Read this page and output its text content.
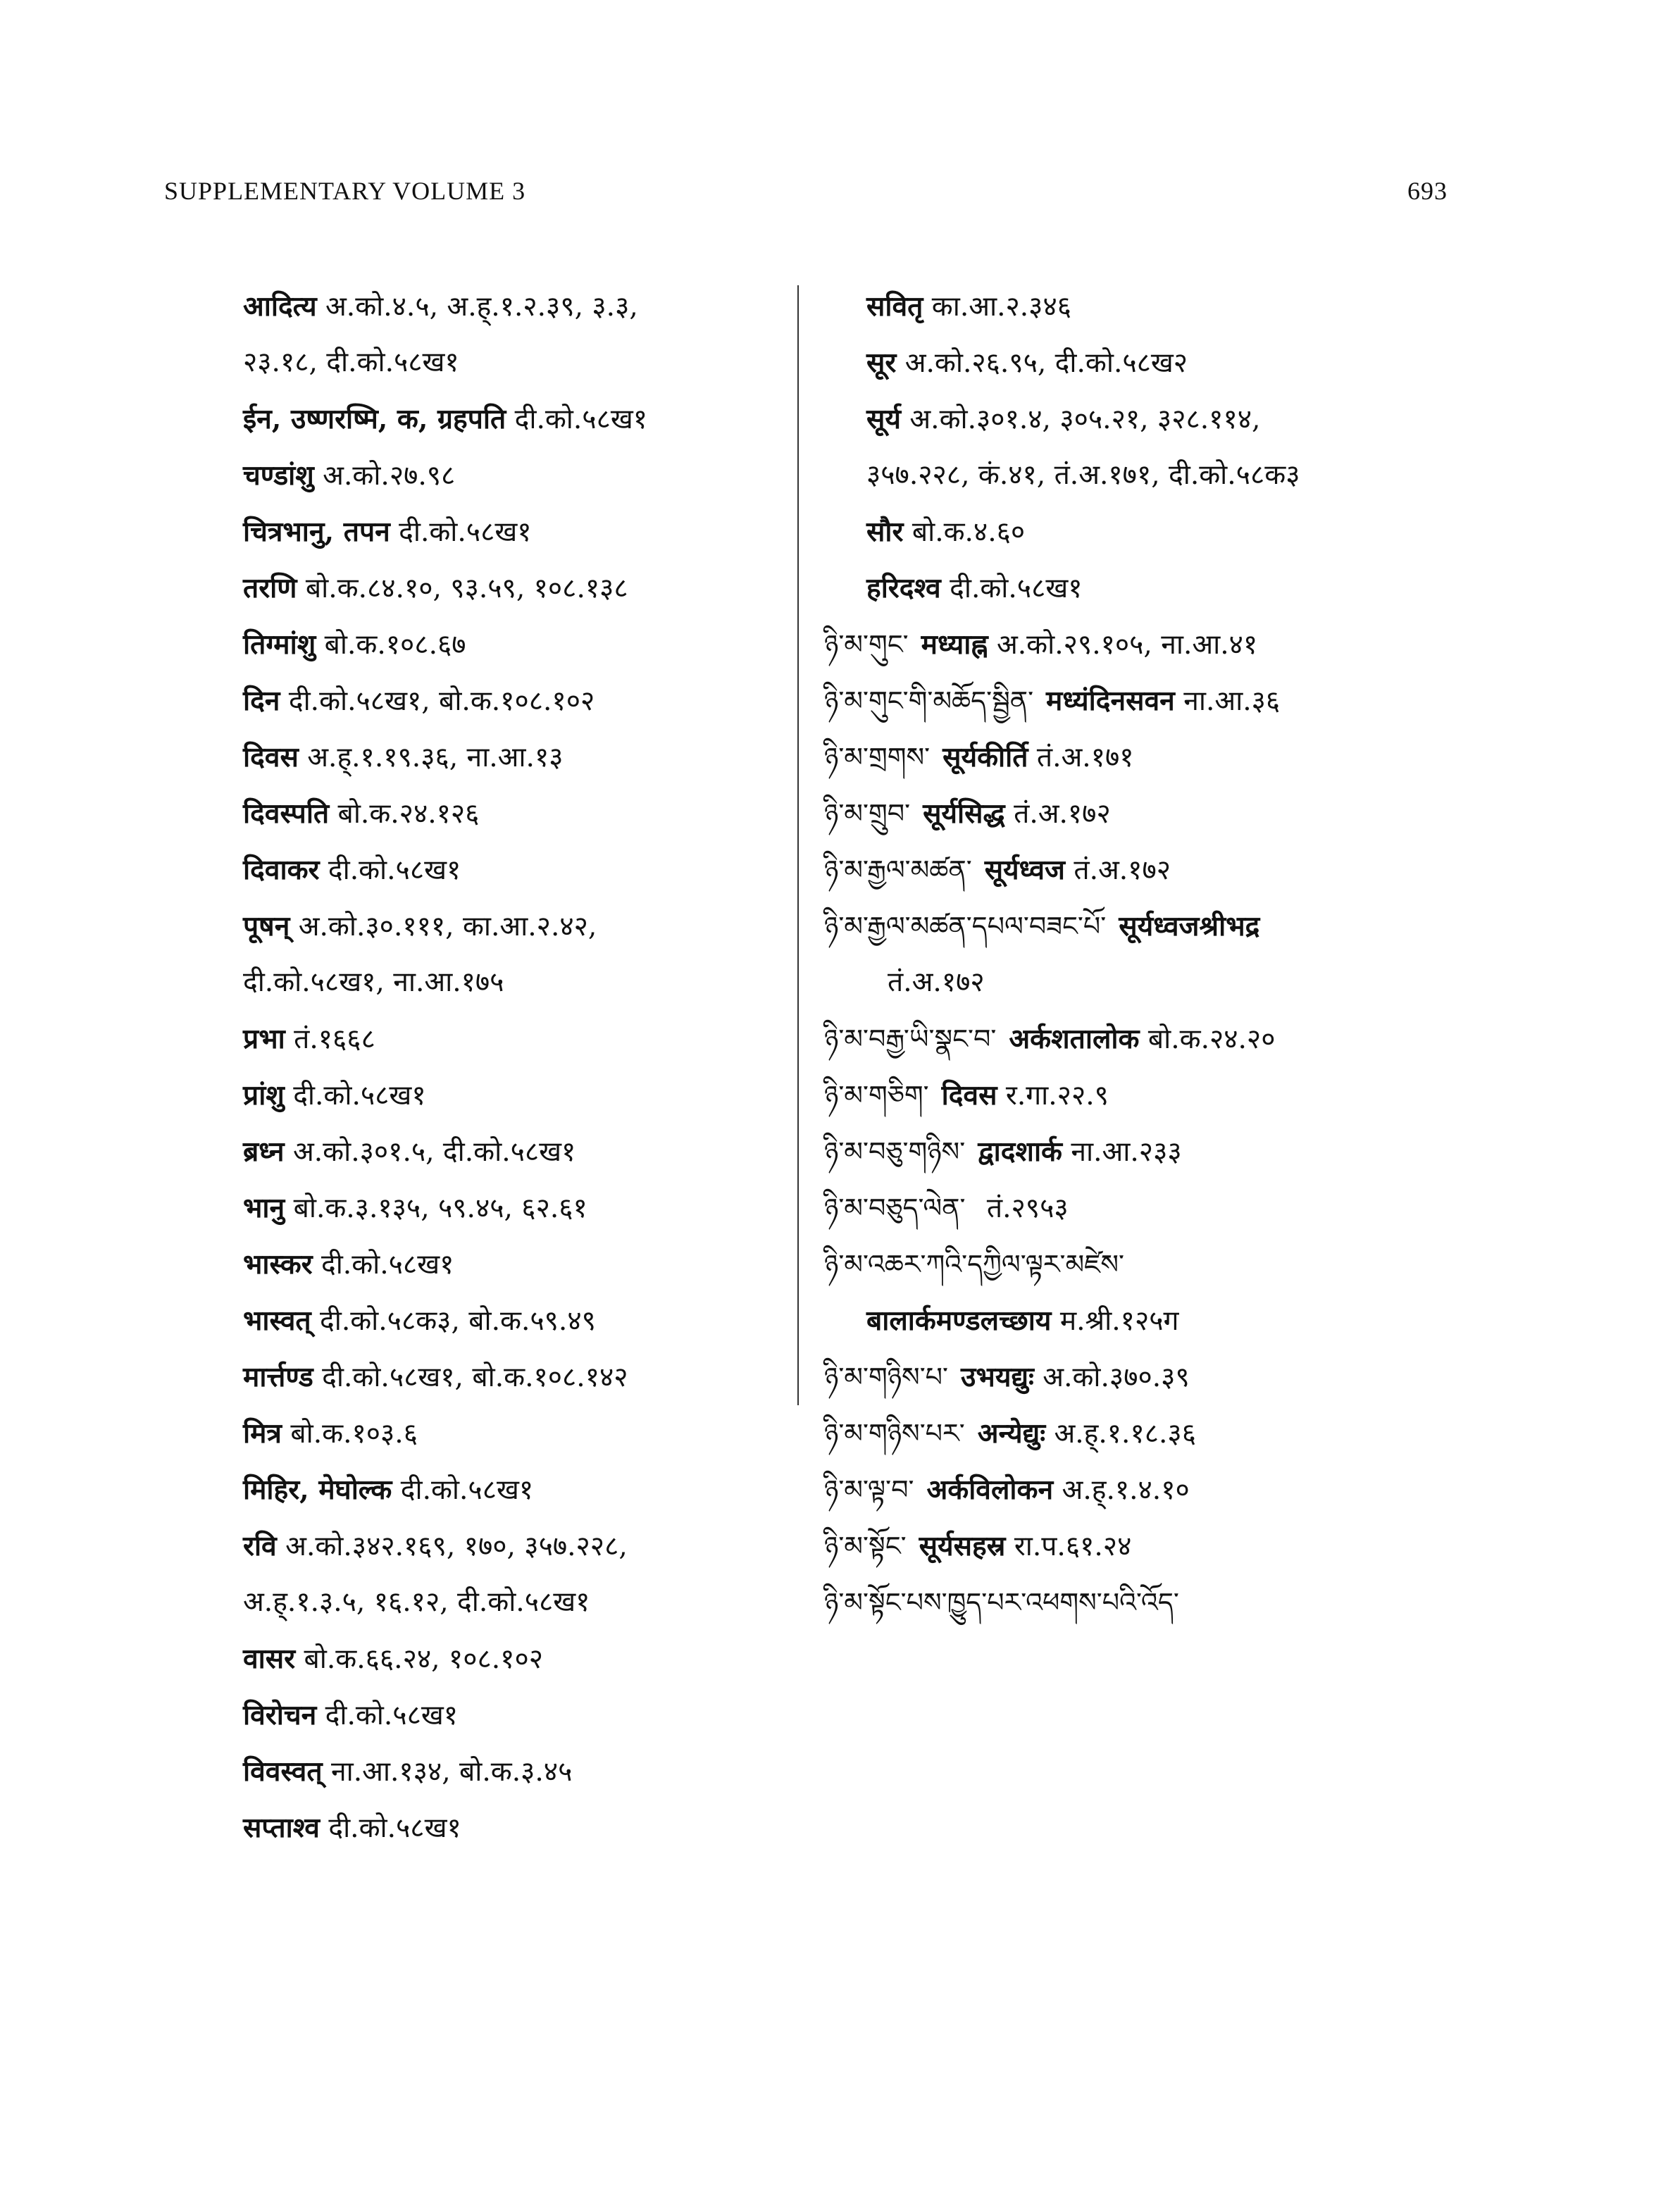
SUPPLEMENTARY VOLUME 3	693
आदित्य अ.को.४.५, अ.ह्.१.२.३९, ३.३,
२३.१८, दी.को.५८ख१
ईन, उष्णरष्मि, क, ग्रहपति दी.को.५८ख१
चण्डांशु अ.को.२७.९८
चित्रभानु, तपन दी.को.५८ख१
तरणि बो.क.८४.१०, ९३.५९, १०८.१३८
तिग्मांशु बो.क.१०८.६७
दिन दी.को.५८ख१, बो.क.१०८.१०२
दिवस अ.ह्.१.१९.३६, ना.आ.१३
दिवस्पति बो.क.२४.१२६
दिवाकर दी.को.५८ख१
पूषन् अ.को.३०.१११, का.आ.२.४२,
दी.को.५८ख१, ना.आ.१७५
प्रभा तं.१६६८
प्रांशु दी.को.५८ख१
ब्रध्न अ.को.३०१.५, दी.को.५८ख१
भानु बो.क.३.१३५, ५९.४५, ६२.६१
भास्कर दी.को.५८ख१
भास्वत् दी.को.५८क३, बो.क.५९.४९
मार्त्तण्ड दी.को.५८ख१, बो.क.१०८.१४२
मित्र बो.क.१०३.६
मिहिर, मेघोल्क दी.को.५८ख१
रवि अ.को.३४२.१६९, १७०, ३५७.२२८,
अ.ह्.१.३.५, १६.१२, दी.को.५८ख१
वासर बो.क.६६.२४, १०८.१०२
विरोचन दी.को.५८ख१
विवस्वत् ना.आ.१३४, बो.क.३.४५
सप्ताश्व दी.को.५८ख१
सवितृ का.आ.२.३४६
सूर अ.को.२६.९५, दी.को.५८ख२
सूर्य अ.को.३०१.४, ३०५.२१, ३२८.११४,
३५७.२२८, कं.४१, तं.अ.१७१, दी.को.५८क३
सौर बो.क.४.६०
हरिदश्व दी.को.५८ख१
ཉི་མ་གུང་ मध्याह्न अ.को.२९.१०५, ना.आ.४१
ཉི་མ་གུང་གི་མཆོད་སྦྱིན་ मध्यंदिनसवन ना.आ.३६
ཉི་མ་གྲགས་ सूर्यकीर्ति तं.अ.१७१
ཉི་མ་གྲུབ་ सूर्यसिद्ध तं.अ.१७२
ཉི་མ་རྒྱལ་མཚན་ सूर्यध्वज तं.अ.१७२
ཉི་མ་རྒྱལ་མཚན་དཔལ་བཟང་པོ་ सूर्यध्वजश्रीभद्र
तं.अ.१७२
ཉི་མ་བརྒྱ་ཡི་སྣང་བ་ अर्कशतालोक बो.क.२४.२०
ཉི་མ་གཅིག་ दिवस र.गा.२२.९
ཉི་མ་བཅུ་གཉིས་ द्वादशार्क ना.आ.२३३
ཉི་མ་བཅུད་ལེན་ तं.२९५३
ཉི་མ་འཆར་ཀའི་དཀྱིལ་ལྟར་མཛེས་
बालार्कमण्डलच्छाय म.श्री.१२५ग
ཉི་མ་གཉིས་པ་ उभयद्युः अ.को.३७०.३९
ཉི་མ་གཉིས་པར་ अन्येद्युः अ.ह्.१.१८.३६
ཉི་མ་ལྟ་བ་ अर्कविलोकन अ.ह्.१.४.१०
ཉི་མ་སྟོང་ सूर्यसहस्र रा.प.६१.२४
ཉི་མ་སྟོང་པས་ཁྱུད་པར་འཕགས་པའི་འོད་
